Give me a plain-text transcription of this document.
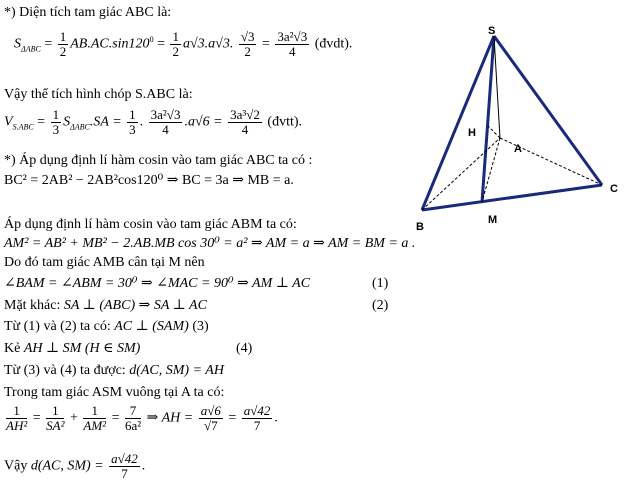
*) Diện tích tam giác ABC là:
$S_{\Delta ABC} = \frac{1}{2} AB.AC.\sin 120^0 = \frac{1}{2} a√3.a√3$. $\frac{√3}{2} = \frac{\text{3a²√3}}{4}$ (đvdt).
Vậy thể tích hình chóp S.ABC là:
$V_{S.ABC} = \frac{1}{3} S_{\Delta ABC}.SA = \frac{1}{3}$ . $\frac{\text{3a²√3}}{4} .a√6 = \frac{\text{3a³√2}}{4}$ (đvtt).
*) Áp dụng định lí hàm cosin vào tam giác ABC ta có :
BC² = 2AB² − 2AB²cos120⁰ ⇒ BC = 3a ⇒ MB = a.
Áp dụng định lí hàm cosin vào tam giác ABM ta có:
AM² = AB² + MB² − 2.AB.MB cos 30⁰ = a² ⇒ AM = a ⇒ AM = BM = a .
Do đó tam giác AMB cân tại M nên
∠BAM = ∠ABM = 30⁰ ⇒ ∠MAC = 90⁰ ⇒ AM ⊥ AC	(1)
Mặt khác: SA ⊥ (ABC) ⇒ SA ⊥ AC	(2)
Từ (1) và (2) ta có: AC ⊥ (SAM) (3)
Kẻ AH ⊥ SM (H ∈ SM)	(4)
Từ (3) và (4) ta được: d(AC, SM) = AH
Trong tam giác ASM vuông tại A ta có:
$\frac{1}{\text{AH²}} = \frac{1}{\text{SA²}} + \frac{1}{\text{AM²}} = \frac{7}{\text{6a²}}$ ⇒ AH = $\frac{a√6}{√7} = \frac{a√42}{7}$ .
Vậy d(AC, $SM) = \frac{a√42}{7}$ .
S
H
A
C
B
M
